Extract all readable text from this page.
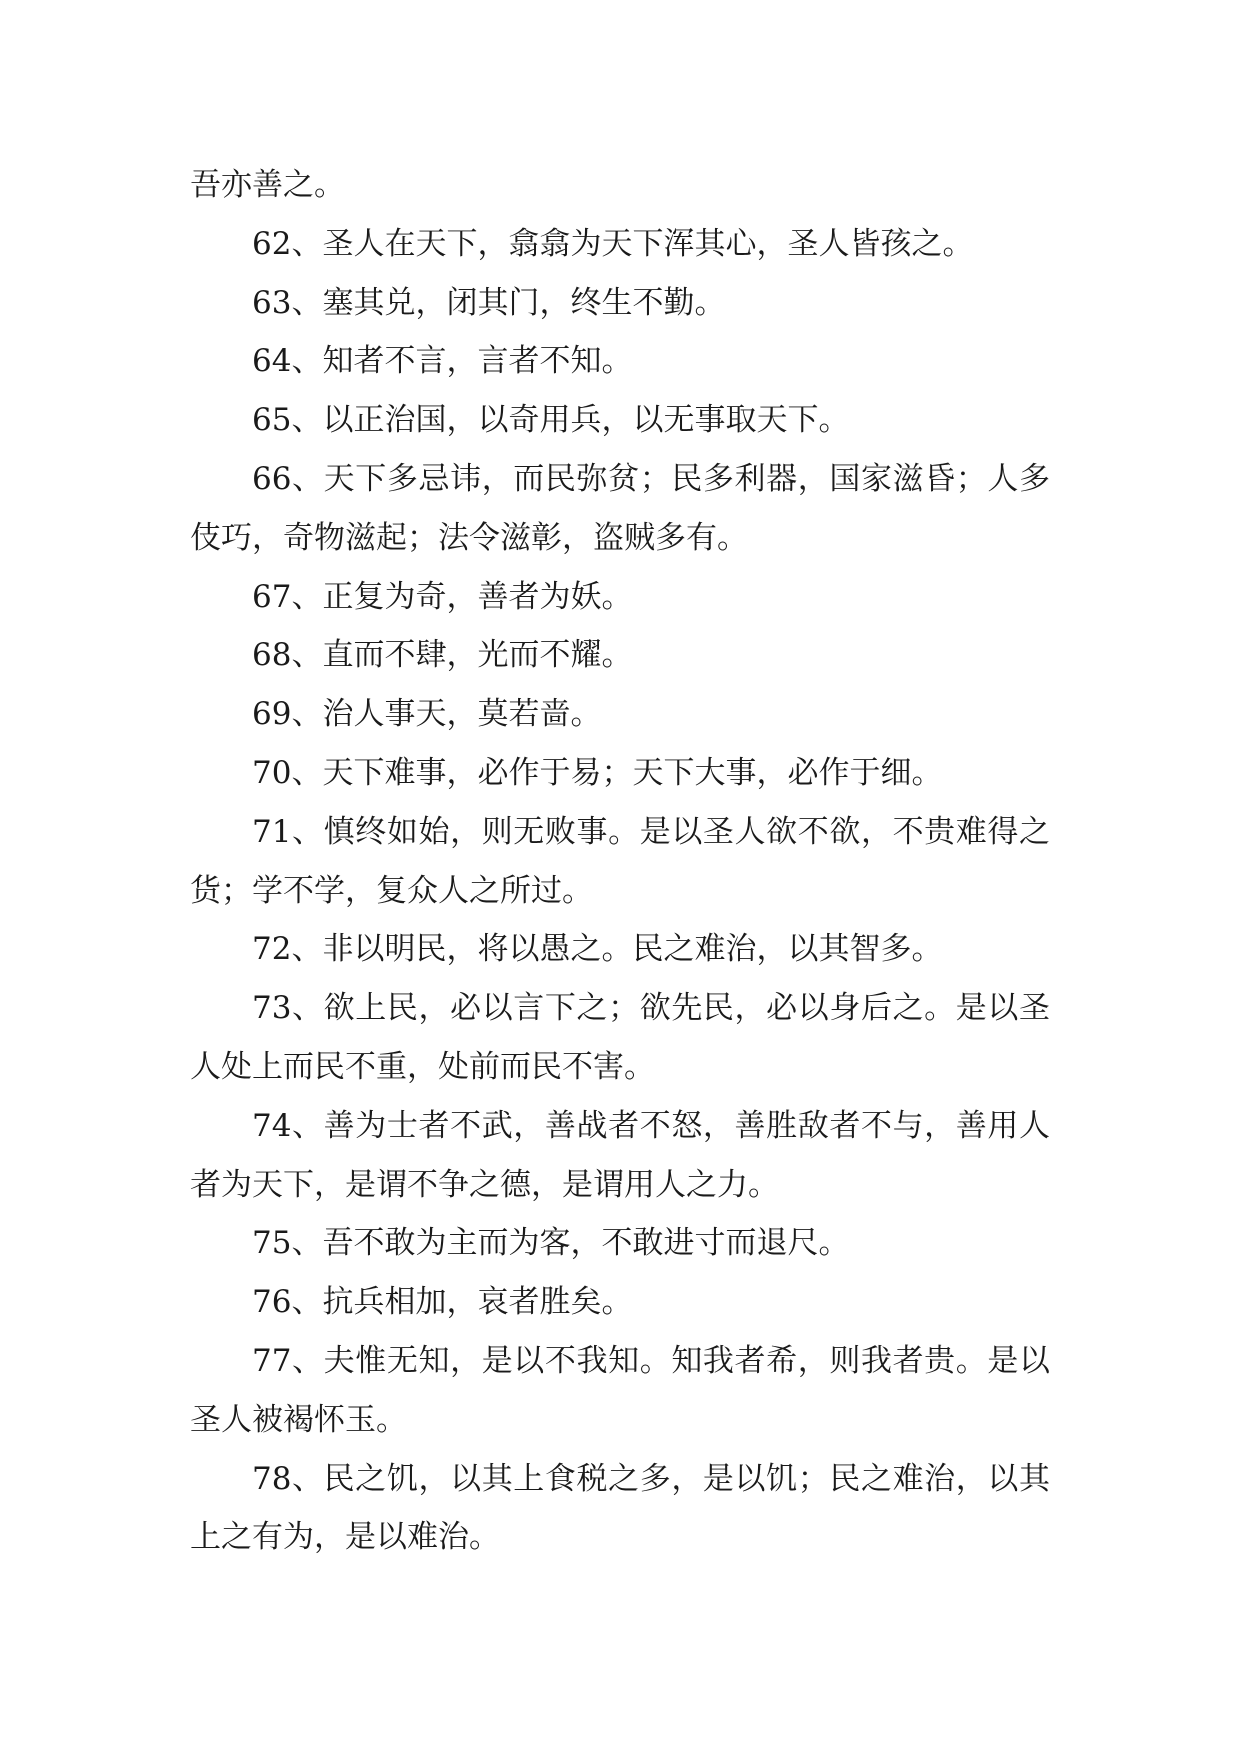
吾亦善之。

62、圣人在天下，翕翕为天下浑其心，圣人皆孩之。

63、塞其兑，闭其门，终生不勤。

64、知者不言，言者不知。

65、以正治国，以奇用兵，以无事取天下。

66、天下多忌讳，而民弥贫；民多利器，国家滋昏；人多伎巧，奇物滋起；法令滋彰，盗贼多有。

67、正复为奇，善者为妖。

68、直而不肆，光而不耀。

69、治人事天，莫若啬。

70、天下难事，必作于易；天下大事，必作于细。

71、慎终如始，则无败事。是以圣人欲不欲，不贵难得之货；学不学，复众人之所过。

72、非以明民，将以愚之。民之难治，以其智多。

73、欲上民，必以言下之；欲先民，必以身后之。是以圣人处上而民不重，处前而民不害。

74、善为士者不武，善战者不怒，善胜敌者不与，善用人者为天下，是谓不争之德，是谓用人之力。

75、吾不敢为主而为客，不敢进寸而退尺。

76、抗兵相加，哀者胜矣。

77、夫惟无知，是以不我知。知我者希，则我者贵。是以圣人被褐怀玉。

78、民之饥，以其上食税之多，是以饥；民之难治，以其上之有为，是以难治。
